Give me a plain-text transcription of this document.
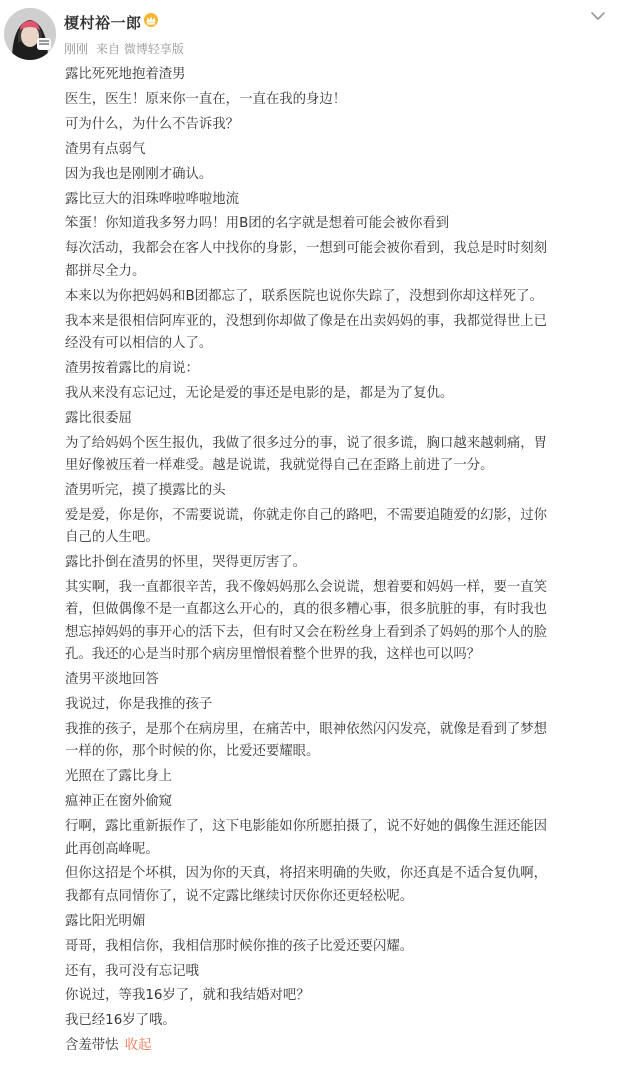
榎村裕一郎
刚刚 来自 微博轻享版
露比死死地抱着渣男
医生，医生！原来你一直在，一直在我的身边！
可为什么，为什么不告诉我？
渣男有点弱气
因为我也是刚刚才确认。
露比豆大的泪珠哗啦哗啦地流
笨蛋！你知道我多努力吗！用B团的名字就是想着可能会被你看到
每次活动，我都会在客人中找你的身影，一想到可能会被你看到，我总是时时刻刻
都拼尽全力。
本来以为你把妈妈和B团都忘了，联系医院也说你失踪了，没想到你却这样死了。
我本来是很相信阿库亚的，没想到你却做了像是在出卖妈妈的事，我都觉得世上已
经没有可以相信的人了。
渣男按着露比的肩说：
我从来没有忘记过，无论是爱的事还是电影的是，都是为了复仇。
露比很委屈
为了给妈妈个医生报仇，我做了很多过分的事，说了很多谎，胸口越来越刺痛，胃
里好像被压着一样难受。越是说谎，我就觉得自己在歪路上前进了一分。
渣男听完，摸了摸露比的头
爱是爱，你是你，不需要说谎，你就走你自己的路吧，不需要追随爱的幻影，过你
自己的人生吧。
露比扑倒在渣男的怀里，哭得更厉害了。
其实啊，我一直都很辛苦，我不像妈妈那么会说谎，想着要和妈妈一样，要一直笑
着，但做偶像不是一直都这么开心的，真的很多糟心事，很多肮脏的事，有时我也
想忘掉妈妈的事开心的活下去，但有时又会在粉丝身上看到杀了妈妈的那个人的脸
孔。我还的心是当时那个病房里憎恨着整个世界的我，这样也可以吗？
渣男平淡地回答
我说过，你是我推的孩子
我推的孩子，是那个在病房里，在痛苦中，眼神依然闪闪发亮，就像是看到了梦想
一样的你，那个时候的你，比爱还要耀眼。
光照在了露比身上
瘟神正在窗外偷窥
行啊，露比重新振作了，这下电影能如你所愿拍摄了，说不好她的偶像生涯还能因
此再创高峰呢。
但你这招是个坏棋，因为你的天真，将招来明确的失败，你还真是不适合复仇啊，
我都有点同情你了，说不定露比继续讨厌你你还更轻松呢。
露比阳光明媚
哥哥，我相信你，我相信那时候你推的孩子比爱还要闪耀。
还有，我可没有忘记哦
你说过，等我16岁了，就和我结婚对吧？
我已经16岁了哦。
含羞带怯 收起
